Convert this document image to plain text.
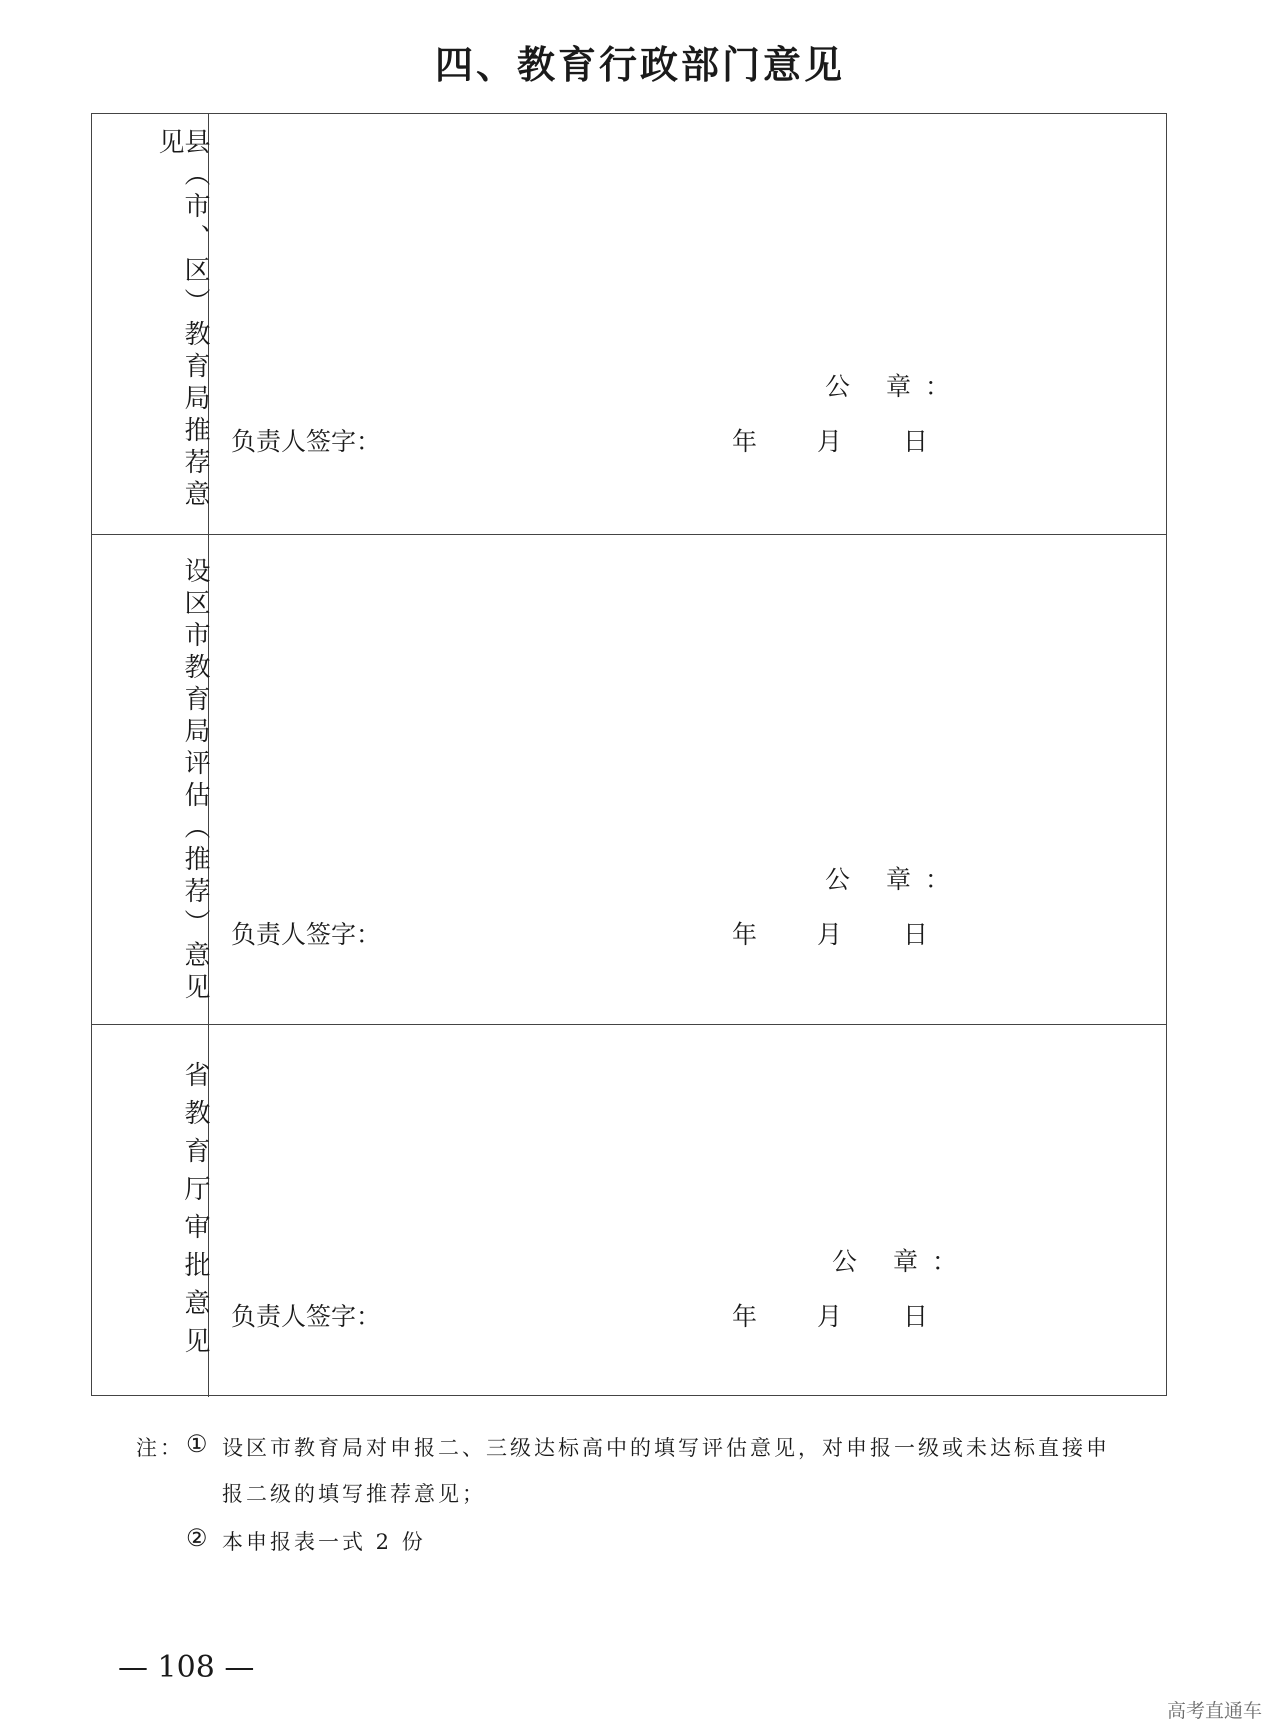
四、教育行政部门意见
县（市、区）教育局推荐意见
公 章：
负责人签字：	年 月 日
设区市教育局评估（推荐）意见	公 章：
负责人签字：	年 月 日
省教育厅审批意见	公 章：
负责人签字：	年 月 日
注： ① 设区市教育局对申报二、三级达标高中的填写评估意见，对申报一级或未达标直接申
报二级的填写推荐意见；
② 本申报表一式 2 份
— 108 —
高考直通车
